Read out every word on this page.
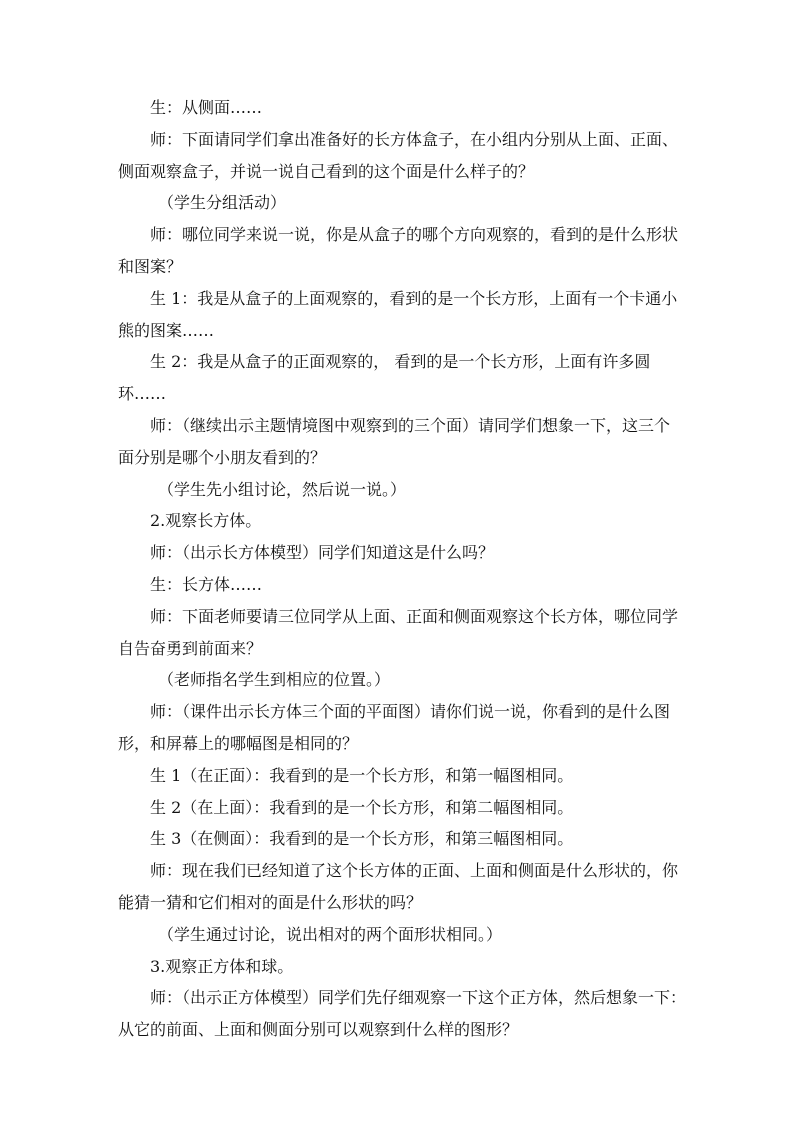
生：从侧面……
师：下面请同学们拿出准备好的长方体盒子，在小组内分别从上面、正面、
侧面观察盒子，并说一说自己看到的这个面是什么样子的？
（学生分组活动）
师：哪位同学来说一说，你是从盒子的哪个方向观察的，看到的是什么形状
和图案？
生 1：我是从盒子的上面观察的，看到的是一个长方形，上面有一个卡通小
熊的图案……
生 2：我是从盒子的正面观察的， 看到的是一个长方形，上面有许多圆
环……
师：（继续出示主题情境图中观察到的三个面）请同学们想象一下，这三个
面分别是哪个小朋友看到的？
（学生先小组讨论，然后说一说。）
2.观察长方体。
师：（出示长方体模型）同学们知道这是什么吗？
生：长方体……
师：下面老师要请三位同学从上面、正面和侧面观察这个长方体，哪位同学
自告奋勇到前面来？
（老师指名学生到相应的位置。）
师：（课件出示长方体三个面的平面图）请你们说一说，你看到的是什么图
形，和屏幕上的哪幅图是相同的？
生 1（在正面）：我看到的是一个长方形，和第一幅图相同。
生 2（在上面）：我看到的是一个长方形，和第二幅图相同。
生 3（在侧面）：我看到的是一个长方形，和第三幅图相同。
师：现在我们已经知道了这个长方体的正面、上面和侧面是什么形状的，你
能猜一猜和它们相对的面是什么形状的吗？
（学生通过讨论，说出相对的两个面形状相同。）
3.观察正方体和球。
师：（出示正方体模型）同学们先仔细观察一下这个正方体，然后想象一下：
从它的前面、上面和侧面分别可以观察到什么样的图形？
